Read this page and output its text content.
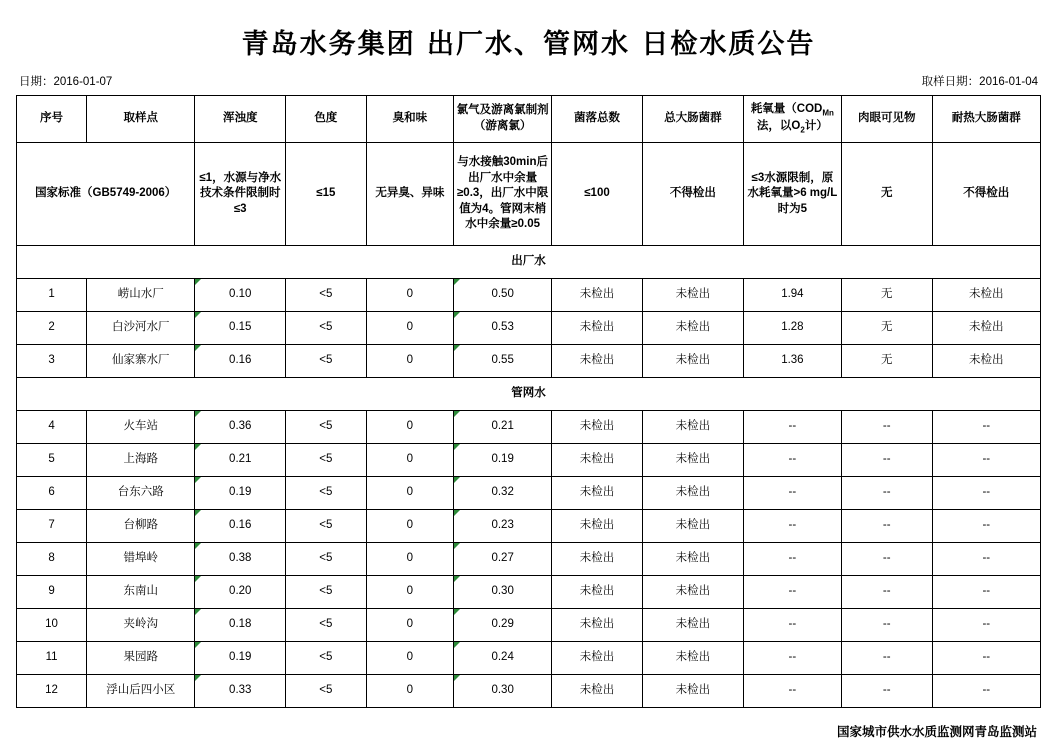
青岛水务集团 出厂水、管网水 日检水质公告
日期：2016-01-07	取样日期：2016-01-04
序号	取样点	浑浊度	色度	臭和味	氯气及游离氯制剂（游离氯）	菌落总数	总大肠菌群	耗氧量（$COD_{Mn}$法，以$O_2$计）	肉眼可见物	耐热大肠菌群
国家标准（GB5749-2006）		≤1，水源与净水技术条件限制时≤3	≤15	无异臭、异味	与水接触30min后出厂水中余量≥0.3，出厂水中限值为4。管网末梢水中余量≥0.05	≤100	不得检出	≤3水源限制，原水耗氧量>6 mg/L时为5	无	不得检出
出厂水										
1	崂山水厂	0.10	<5	0	0.50	未检出	未检出	1.94	无	未检出
2	白沙河水厂	0.15	<5	0	0.53	未检出	未检出	1.28	无	未检出
3	仙家寨水厂	0.16	<5	0	0.55	未检出	未检出	1.36	无	未检出
管网水										
4	火车站	0.36	<5	0	0.21	未检出	未检出	--	--	--
5	上海路	0.21	<5	0	0.19	未检出	未检出	--	--	--
6	台东六路	0.19	<5	0	0.32	未检出	未检出	--	--	--
7	台柳路	0.16	<5	0	0.23	未检出	未检出	--	--	--
8	错埠岭	0.38	<5	0	0.27	未检出	未检出	--	--	--
9	东南山	0.20	<5	0	0.30	未检出	未检出	--	--	--
10	夹岭沟	0.18	<5	0	0.29	未检出	未检出	--	--	--
11	果园路	0.19	<5	0	0.24	未检出	未检出	--	--	--
12	浮山后四小区	0.33	<5	0	0.30	未检出	未检出	--	--	--
国家城市供水水质监测网青岛监测站
